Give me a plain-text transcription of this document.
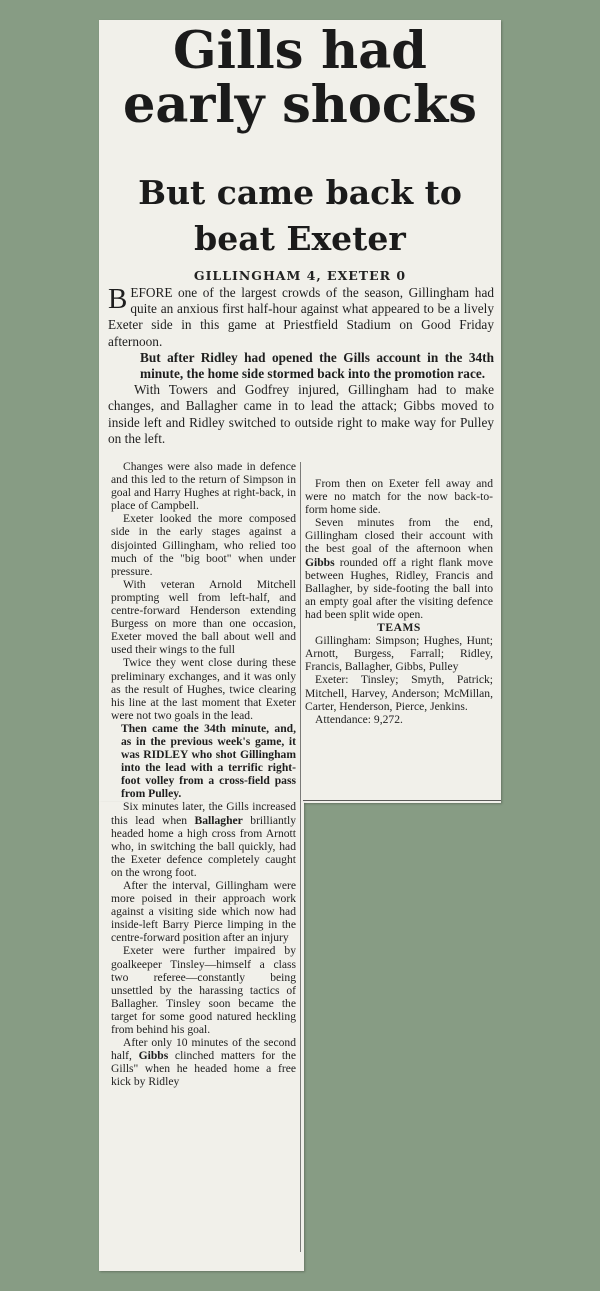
Gills had early shocks
But came back to beat Exeter
GILLINGHAM 4, EXETER 0

BEFORE one of the largest crowds of the season, Gillingham had quite an anxious first half-hour against what appeared to be a lively Exeter side in this game at Priestfield Stadium on Good Friday afternoon.

But after Ridley had opened the Gills account in the 34th minute, the home side stormed back into the promotion race.

With Towers and Godfrey injured, Gillingham had to make changes, and Ballagher came in to lead the attack; Gibbs moved to inside left and Ridley switched to outside right to make way for Pulley on the left.

Changes were also made in defence and this led to the return of Simpson in goal and Harry Hughes at right-back, in place of Campbell.

Exeter looked the more composed side in the early stages against a disjointed Gillingham, who relied too much of the "big boot" when under pressure.

With veteran Arnold Mitchell prompting well from left-half, and centre-forward Henderson extending Burgess on more than one occasion, Exeter moved the ball about well and used their wings to the full

Twice they went close during these preliminary exchanges, and it was only as the result of Hughes, twice clearing his line at the last moment that Exeter were not two goals in the lead.

Then came the 34th minute, and, as in the previous week's game, it was RIDLEY who shot Gillingham into the lead with a terrific right-foot volley from a cross-field pass from Pulley.

Six minutes later, the Gills increased this lead when Ballagher brilliantly headed home a high cross from Arnott who, in switching the ball quickly, had the Exeter defence completely caught on the wrong foot.

After the interval, Gillingham were more poised in their approach work against a visiting side which now had inside-left Barry Pierce limping in the centre-forward position after an injury

Exeter were further impaired by goalkeeper Tinsley—himself a class two referee—constantly being unsettled by the harassing tactics of Ballagher. Tinsley soon became the target for some good natured heckling from behind his goal.

After only 10 minutes of the second half, Gibbs clinched matters for the Gills" when he headed home a free kick by Ridley

From then on Exeter fell away and were no match for the now back-to-form home side.

Seven minutes from the end, Gillingham closed their account with the best goal of the afternoon when Gibbs rounded off a right flank move between Hughes, Ridley, Francis and Ballagher, by side-footing the ball into an empty goal after the visiting defence had been split wide open.

TEAMS

Gillingham: Simpson; Hughes, Hunt; Arnott, Burgess, Farrall; Ridley, Francis, Ballagher, Gibbs, Pulley

Exeter: Tinsley; Smyth, Patrick; Mitchell, Harvey, Anderson; McMillan, Carter, Henderson, Pierce, Jenkins.

Attendance: 9,272.
